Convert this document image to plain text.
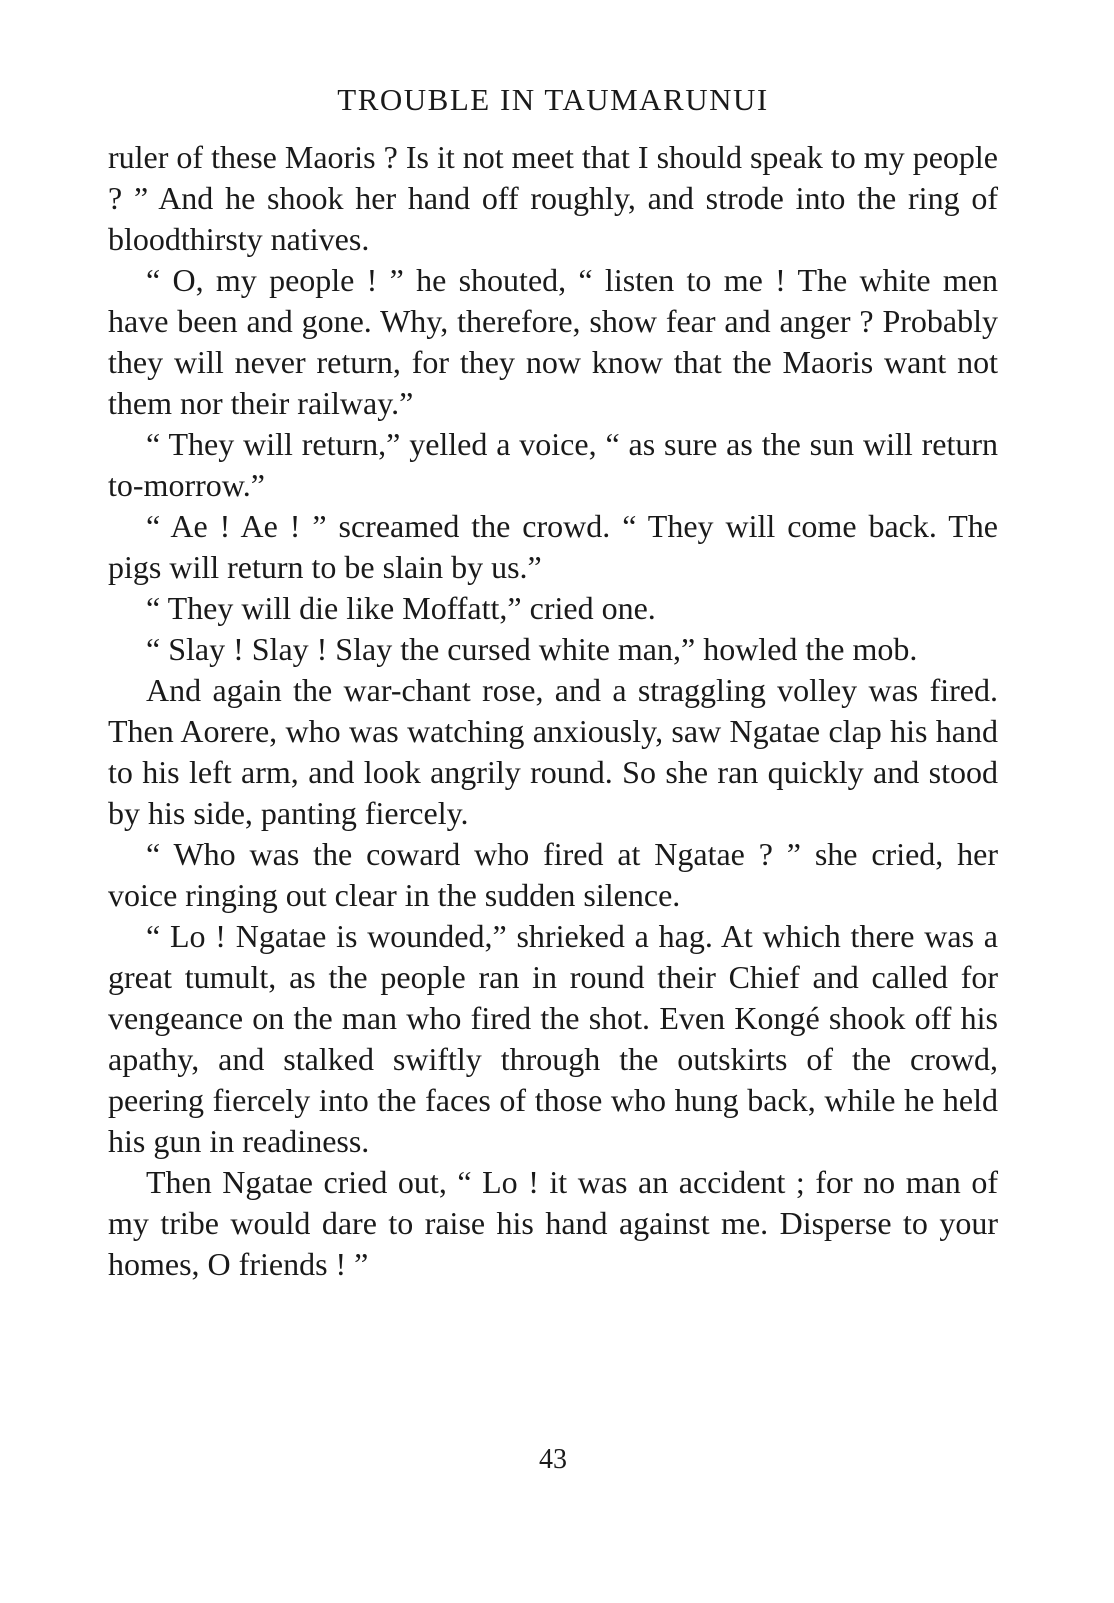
TROUBLE IN TAUMARUNUI

ruler of these Maoris ? Is it not meet that I should speak to my people ? ” And he shook her hand off roughly, and strode into the ring of bloodthirsty natives.

“ O, my people ! ” he shouted, “ listen to me ! The white men have been and gone. Why, therefore, show fear and anger ? Probably they will never return, for they now know that the Maoris want not them nor their railway.”

“ They will return,” yelled a voice, “ as sure as the sun will return to-morrow.”

“ Ae ! Ae ! ” screamed the crowd. “ They will come back. The pigs will return to be slain by us.”

“ They will die like Moffatt,” cried one.

“ Slay ! Slay ! Slay the cursed white man,” howled the mob.

And again the war-chant rose, and a straggling volley was fired. Then Aorere, who was watching anxiously, saw Ngatae clap his hand to his left arm, and look angrily round. So she ran quickly and stood by his side, panting fiercely.

“ Who was the coward who fired at Ngatae ? ” she cried, her voice ringing out clear in the sudden silence.

“ Lo ! Ngatae is wounded,” shrieked a hag. At which there was a great tumult, as the people ran in round their Chief and called for vengeance on the man who fired the shot. Even Kongé shook off his apathy, and stalked swiftly through the outskirts of the crowd, peering fiercely into the faces of those who hung back, while he held his gun in readiness.

Then Ngatae cried out, “ Lo ! it was an accident ; for no man of my tribe would dare to raise his hand against me. Disperse to your homes, O friends ! ”

43
